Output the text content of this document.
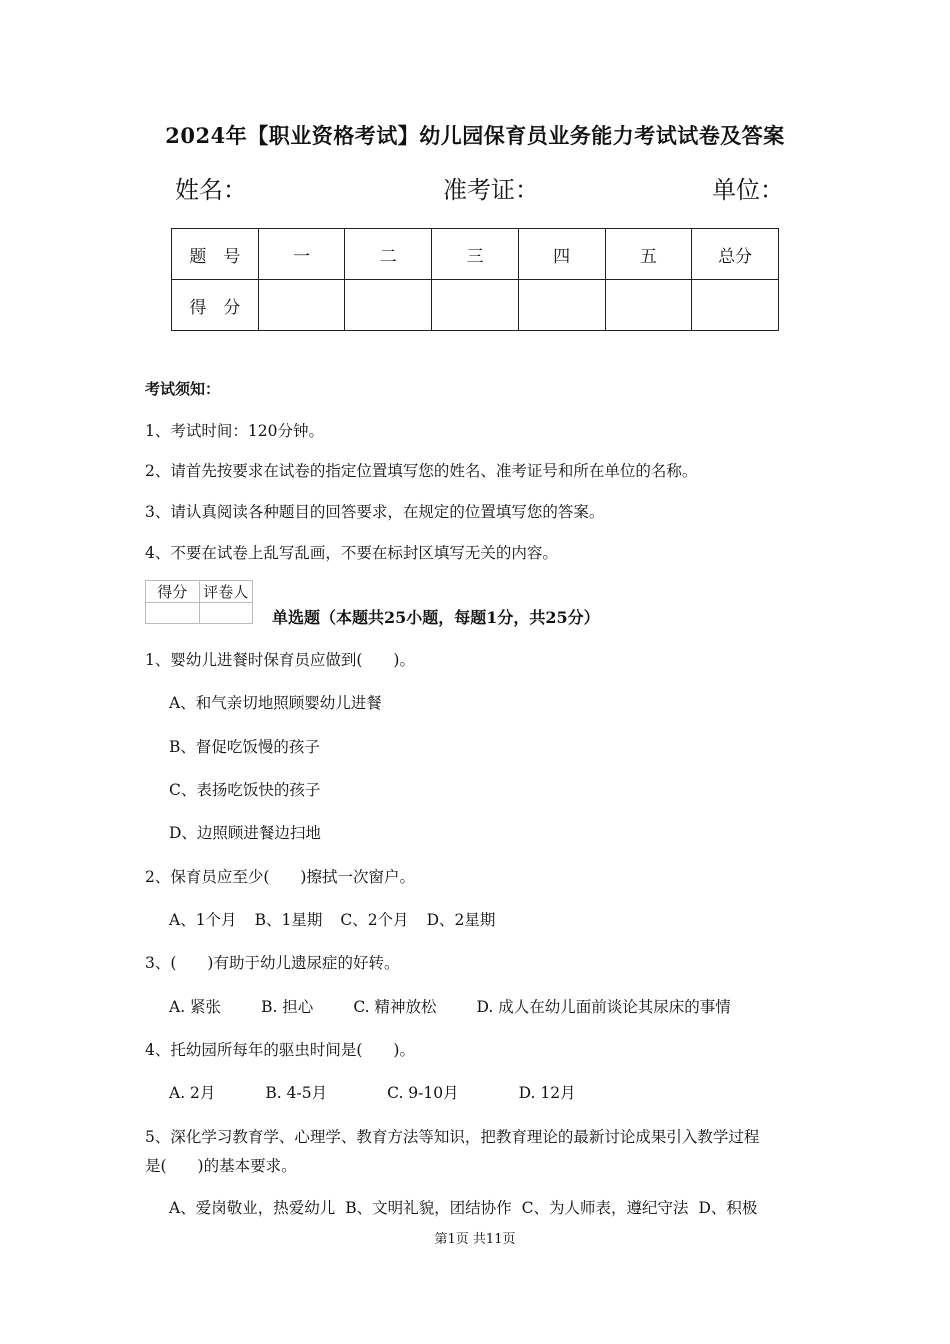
2024年【职业资格考试】幼儿园保育员业务能力考试试卷及答案
姓名：	准考证：	单位：
题　号	一	二	三	四	五	总分
得　分						
考试须知：
1、考试时间：120分钟。
2、请首先按要求在试卷的指定位置填写您的姓名、准考证号和所在单位的名称。
3、请认真阅读各种题目的回答要求，在规定的位置填写您的答案。
4、不要在试卷上乱写乱画，不要在标封区填写无关的内容。
得分	评卷人

单选题（本题共25小题，每题1分，共25分）
1、婴幼儿进餐时保育员应做到(　　)。
A、和气亲切地照顾婴幼儿进餐
B、督促吃饭慢的孩子
C、表扬吃饭快的孩子
D、边照顾进餐边扫地
2、保育员应至少(　　)擦拭一次窗户。
A、1个月 B、1星期 C、2个月 D、2星期
3、(　　)有助于幼儿遗尿症的好转。
A. 紧张	B. 担心	C. 精神放松	D. 成人在幼儿面前谈论其尿床的事情
4、托幼园所每年的驱虫时间是(　　)。
A. 2月	B. 4-5月	C. 9-10月	D. 12月
5、深化学习教育学、心理学、教育方法等知识，把教育理论的最新讨论成果引入教学过程
是(　　)的基本要求。
A、爱岗敬业，热爱幼儿 B、文明礼貌，团结协作 C、为人师表，遵纪守法 D、积极
第1页 共11页
